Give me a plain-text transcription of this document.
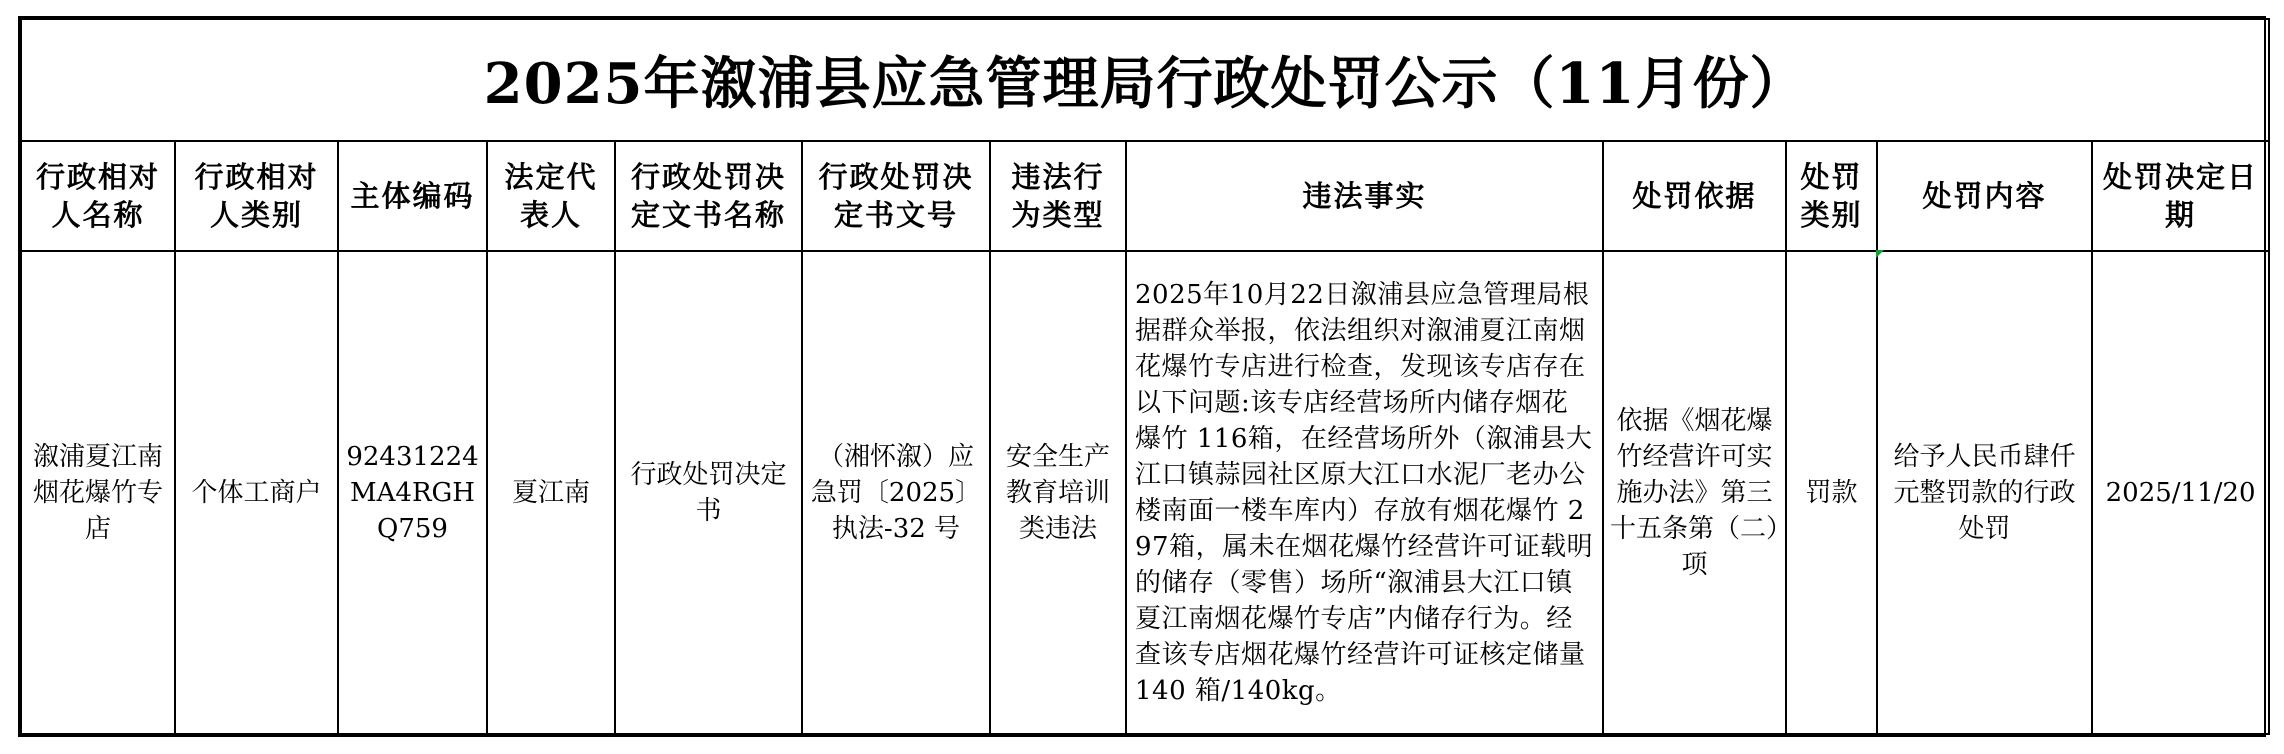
2025年溆浦县应急管理局行政处罚公示（11月份）											
行政相对人名称	行政相对人类别	主体编码	法定代表人	行政处罚决定文书名称	行政处罚决定书文号	违法行为类型	违法事实	处罚依据	处罚类别	处罚内容	处罚决定日期
溆浦夏江南烟花爆竹专店	个体工商户	92431224MA4RGHQ759	夏江南	行政处罚决定书	（湘怀溆）应急罚〔2025〕执法-32 号	安全生产教育培训类违法	2025年10月22日溆浦县应急管理局根据群众举报，依法组织对溆浦夏江南烟花爆竹专店进行检查，发现该专店存在以下问题:该专店经营场所内储存烟花爆竹 116箱，在经营场所外（溆浦县大江口镇蒜园社区原大江口水泥厂老办公楼南面一楼车库内）存放有烟花爆竹 297箱，属未在烟花爆竹经营许可证载明的储存（零售）场所“溆浦县大江口镇夏江南烟花爆竹专店”内储存行为。经查该专店烟花爆竹经营许可证核定储量 140 箱/140kg。	依据《烟花爆竹经营许可实施办法》第三十五条第（二）项	罚款	给予人民币肆仟元整罚款的行政处罚	2025/11/20
